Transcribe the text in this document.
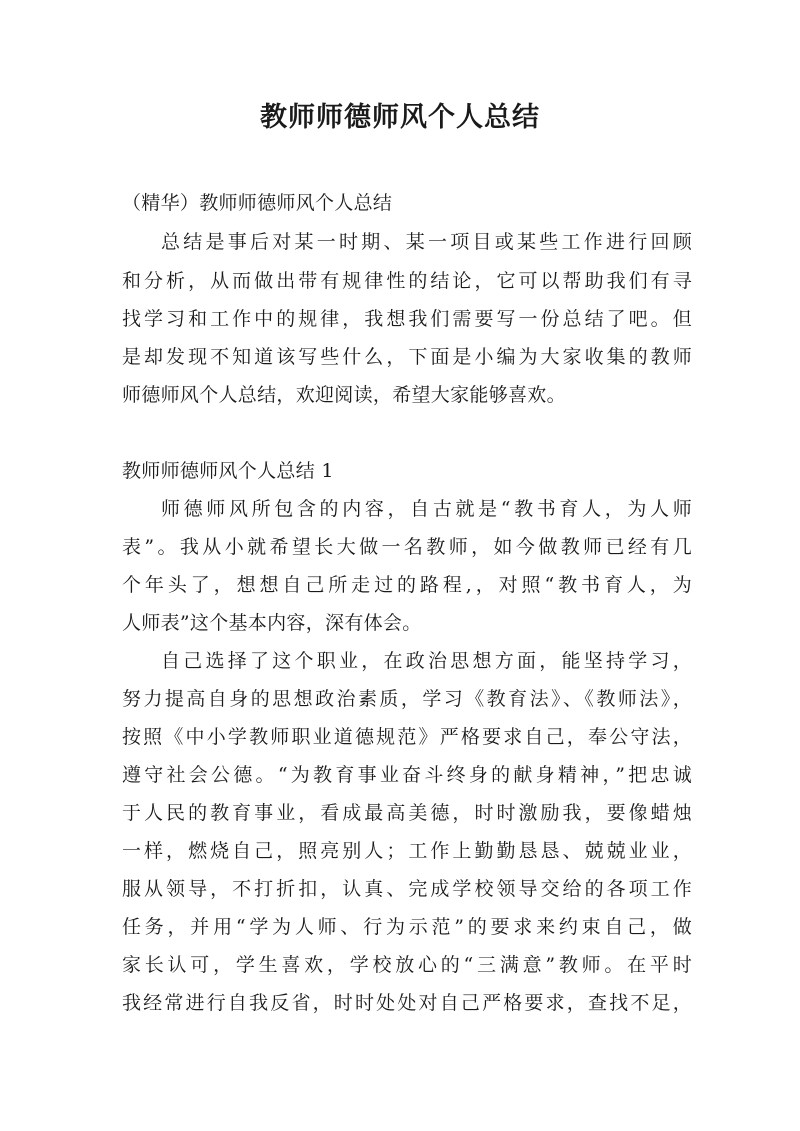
教师师德师风个人总结
（精华）教师师德师风个人总结
总结是事后对某一时期、某一项目或某些工作进行回顾
和分析，从而做出带有规律性的结论，它可以帮助我们有寻
找学习和工作中的规律，我想我们需要写一份总结了吧。但
是却发现不知道该写些什么，下面是小编为大家收集的教师
师德师风个人总结，欢迎阅读，希望大家能够喜欢。
教师师德师风个人总结 1
师德师风所包含的内容，自古就是“教书育人，为人师
表”。我从小就希望长大做一名教师，如今做教师已经有几
个年头了，想想自己所走过的路程,，对照“教书育人，为
人师表”这个基本内容，深有体会。
自己选择了这个职业，在政治思想方面，能坚持学习，
努力提高自身的思想政治素质，学习《教育法》、《教师法》，
按照《中小学教师职业道德规范》严格要求自己，奉公守法，
遵守社会公德。“为教育事业奋斗终身的献身精神，”把忠诚
于人民的教育事业，看成最高美德，时时激励我，要像蜡烛
一样，燃烧自己，照亮别人；工作上勤勤恳恳、兢兢业业，
服从领导，不打折扣，认真、完成学校领导交给的各项工作
任务，并用“学为人师、行为示范”的要求来约束自己，做
家长认可，学生喜欢，学校放心的“三满意”教师。在平时
我经常进行自我反省，时时处处对自己严格要求，查找不足，
